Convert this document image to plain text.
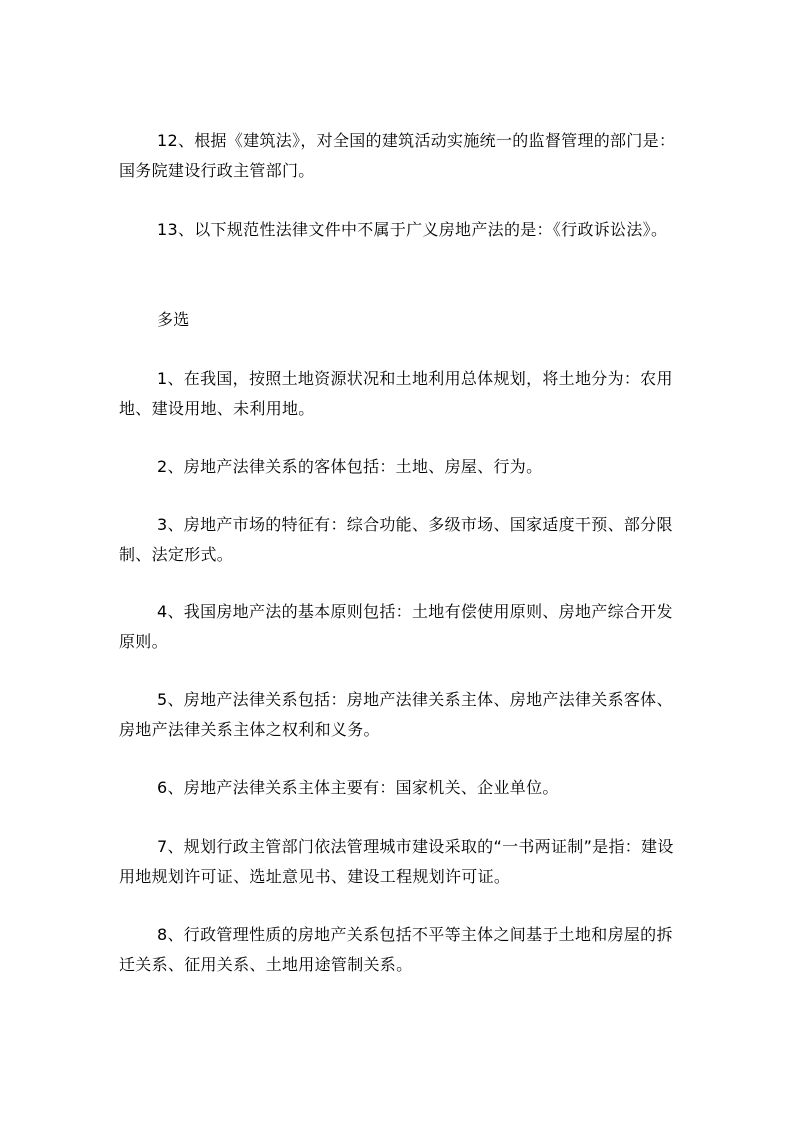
12、根据《建筑法》，对全国的建筑活动实施统一的监督管理的部门是：国务院建设行政主管部门。

13、以下规范性法律文件中不属于广义房地产法的是：《行政诉讼法》。

多选

1、在我国，按照土地资源状况和土地利用总体规划，将土地分为：农用地、建设用地、未利用地。

2、房地产法律关系的客体包括：土地、房屋、行为。

3、房地产市场的特征有：综合功能、多级市场、国家适度干预、部分限制、法定形式。

4、我国房地产法的基本原则包括：土地有偿使用原则、房地产综合开发原则。

5、房地产法律关系包括：房地产法律关系主体、房地产法律关系客体、房地产法律关系主体之权利和义务。

6、房地产法律关系主体主要有：国家机关、企业单位。

7、规划行政主管部门依法管理城市建设采取的“一书两证制”是指：建设用地规划许可证、选址意见书、建设工程规划许可证。

8、行政管理性质的房地产关系包括不平等主体之间基于土地和房屋的拆迁关系、征用关系、土地用途管制关系。
